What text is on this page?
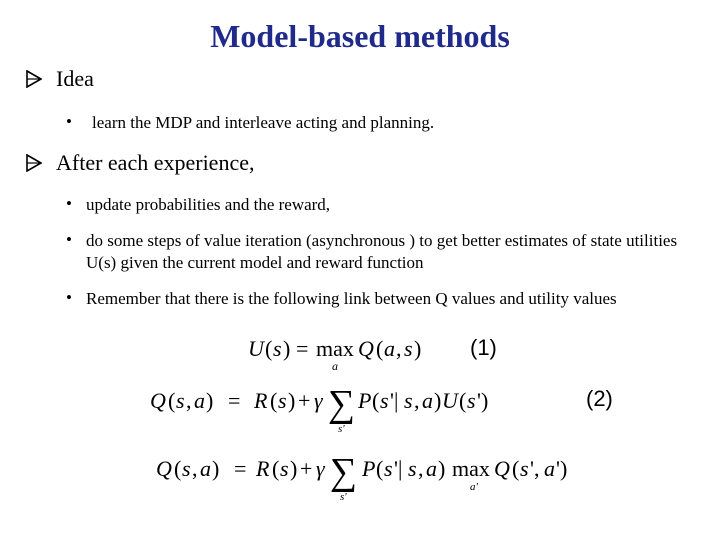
Model-based methods
Idea
•	learn the MDP and interleave acting and planning.
After each experience,
• update probabilities and the reward,
• do some steps of value iteration (asynchronous ) to get better estimates of state utilities U(s) given the current model and reward function
• Remember that there is the following link between Q values and utility values
U ( s ) = max
a
Q ( a , s ) (1)
Q ( s , a ) = R ( s ) + γ ∑
s'
P ( s '| s , a ) U ( s ')	(2)
Q ( s , a ) = R ( s ) + γ ∑
s'
P ( s '| s , a ) max
a'
Q ( s ', a ')
